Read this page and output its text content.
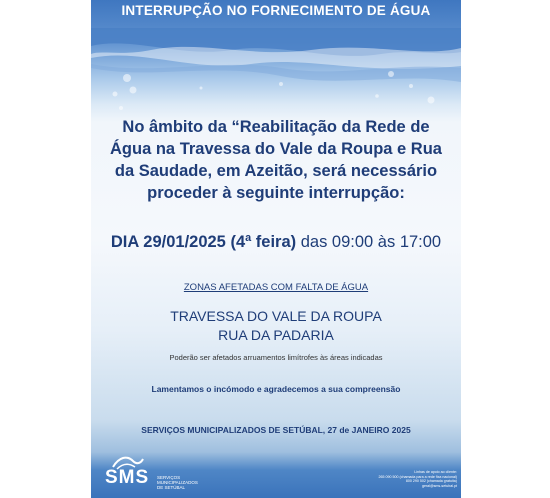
INTERRUPÇÃO NO FORNECIMENTO DE ÁGUA
No âmbito da “Reabilitação da Rede de Água na Travessa do Vale da Roupa e Rua da Saudade, em Azeitão, será necessário proceder à seguinte interrupção:
DIA 29/01/2025 (4ª feira) das 09:00 às 17:00
ZONAS AFETADAS COM FALTA DE ÁGUA
TRAVESSA DO VALE DA ROUPA
RUA DA PADARIA
Poderão ser afetados arruamentos limítrofes às áreas indicadas
Lamentamos o incómodo e agradecemos a sua compreensão
SERVIÇOS MUNICIPALIZADOS DE SETÚBAL, 27 de JANEIRO 2025
SMS SERVIÇOS
MUNICIPALIZADOS
DE SETÚBAL
Linhas de apoio ao cliente:
265 090 500 (chamada para a rede fixa nacional)
800 290 502 (chamada gratuita)
geral@sms-setubal.pt
